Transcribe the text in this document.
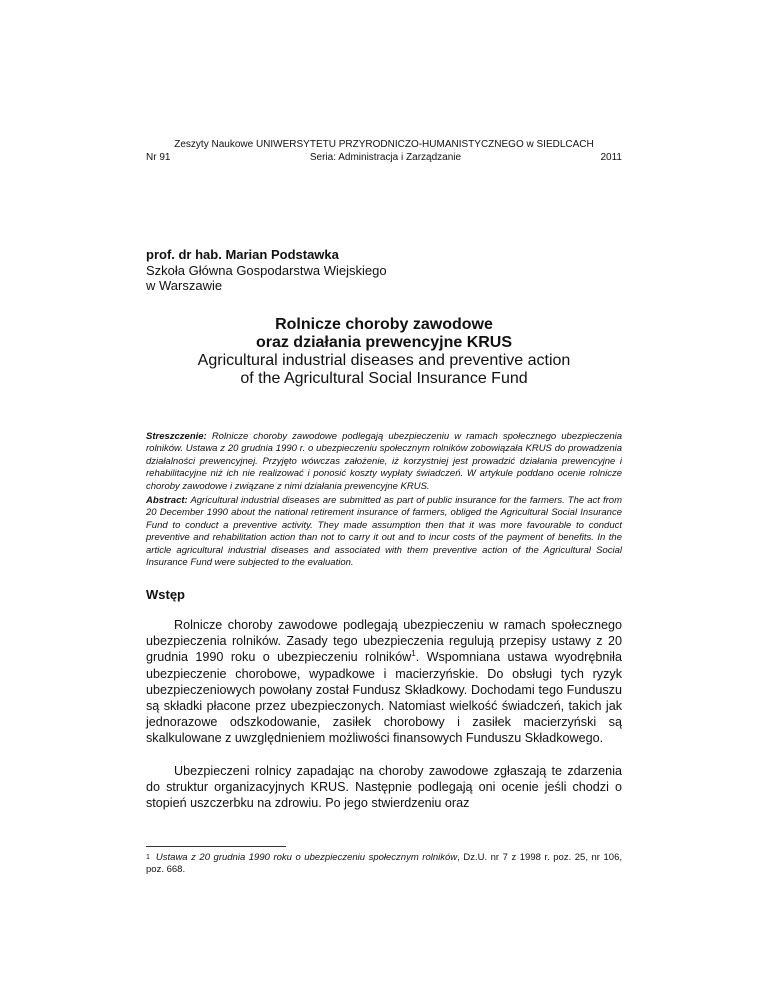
Zeszyty Naukowe UNIWERSYTETU PRZYRODNICZO-HUMANISTYCZNEGO w SIEDLCACH
Nr 91	Seria: Administracja i Zarządzanie	2011
prof. dr hab. Marian Podstawka
Szkoła Główna Gospodarstwa Wiejskiego
w Warszawie
Rolnicze choroby zawodowe
oraz działania prewencyjne KRUS
Agricultural industrial diseases and preventive action
of the Agricultural Social Insurance Fund
Streszczenie: Rolnicze choroby zawodowe podlegają ubezpieczeniu w ramach społecznego ubezpieczenia rolników. Ustawa z 20 grudnia 1990 r. o ubezpieczeniu społecznym rolników zobowiązała KRUS do prowadzenia działalności prewencyjnej. Przyjęto wówczas założenie, iż korzystniej jest prowadzić działania prewencyjne i rehabilitacyjne niż ich nie realizować i ponosić koszty wypłaty świadczeń. W artykule poddano ocenie rolnicze choroby zawodowe i związane z nimi działania prewencyjne KRUS.
Abstract: Agricultural industrial diseases are submitted as part of public insurance for the farmers. The act from 20 December 1990 about the national retirement insurance of farmers, obliged the Agricultural Social Insurance Fund to conduct a preventive activity. They made assumption then that it was more favourable to conduct preventive and rehabilitation action than not to carry it out and to incur costs of the payment of benefits. In the article agricultural industrial diseases and associated with them preventive action of the Agricultural Social Insurance Fund were subjected to the evaluation.
Wstęp

Rolnicze choroby zawodowe podlegają ubezpieczeniu w ramach społecznego ubezpieczenia rolników. Zasady tego ubezpieczenia regulują przepisy ustawy z 20 grudnia 1990 roku o ubezpieczeniu rolników$^1$. Wspomniana ustawa wyodrębniła ubezpieczenie chorobowe, wypadkowe i macierzyńskie. Do obsługi tych ryzyk ubezpieczeniowych powołany został Fundusz Składkowy. Dochodami tego Funduszu są składki płacone przez ubezpieczonych. Natomiast wielkość świadczeń, takich jak jednorazowe odszkodowanie, zasiłek chorobowy i zasiłek macierzyński są skalkulowane z uwzględnieniem możliwości finansowych Funduszu Składkowego.

Ubezpieczeni rolnicy zapadając na choroby zawodowe zgłaszają te zdarzenia do struktur organizacyjnych KRUS. Następnie podlegają oni ocenie jeśli chodzi o stopień uszczerbku na zdrowiu. Po jego stwierdzeniu oraz

$^1$ Ustawa z 20 grudnia 1990 roku o ubezpieczeniu społecznym rolników, Dz.U. nr 7 z 1998 r. poz. 25, nr 106, poz. 668.
